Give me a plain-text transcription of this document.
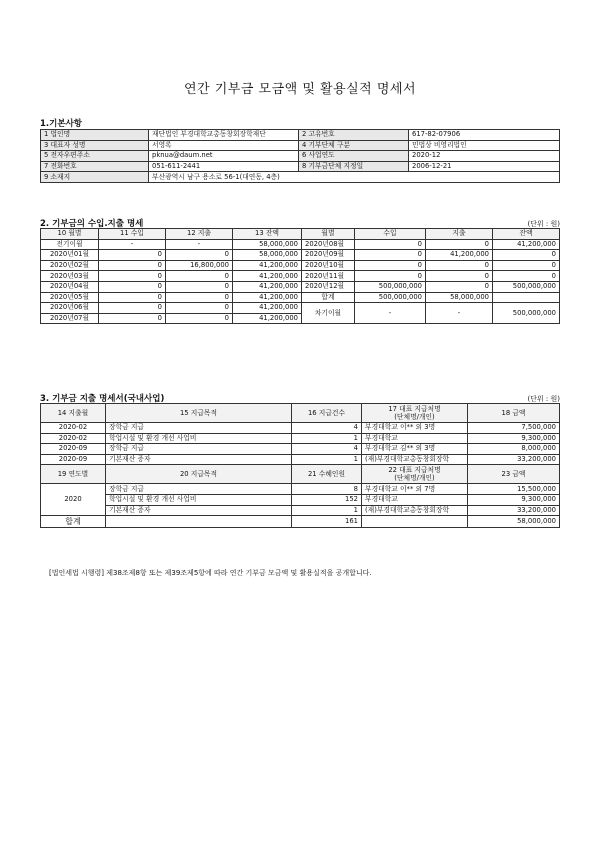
연간 기부금 모금액 및 활용실적 명세서
1.기본사항
1 법인명	재단법인 부경대학교총동창회장학재단	2 고유번호	617-82-07906
3 대표자 성명	서영록	4 기부단체 구분	민법상 비영리법인
5 전자우편주소	pknua@daum.net	6 사업연도	2020-12
7 전화번호	051-611-2441	8 기부금단체 지정일	2006-12-21
9 소재지	부산광역시 남구 용소로 56-1(대연동, 4층)		
2. 기부금의 수입.지출 명세	(단위 : 원)
10 월별	11 수입	12 지출	13 잔액	월별	수입	지출	잔액
전기이월	-	-	58,000,000	2020년08월	0	0	41,200,000
2020년01월	0	0	58,000,000	2020년09월	0	41,200,000	0
2020년02월	0	16,800,000	41,200,000	2020년10월	0	0	0
2020년03월	0	0	41,200,000	2020년11월	0	0	0
2020년04월	0	0	41,200,000	2020년12월	500,000,000	0	500,000,000
2020년05월	0	0	41,200,000	합계	500,000,000	58,000,000	
2020년06월	0	0	41,200,000	차기이월	-	-	500,000,000
2020년07월	0	0	41,200,000				
3. 기부금 지출 명세서(국내사업)	(단위 : 원)
14 지출월	15 지급목적	16 지급건수	17 대표 지급처명
(단체명/개인)	18 금액
2020-02	장학금 지급	4	부경대학교 이** 외 3명	7,500,000
2020-02	학업시설 및 환경 개선 사업비	1	부경대학교	9,300,000
2020-09	장학금 지급	4	부경대학교 김** 외 3명	8,000,000
2020-09	기본재산 증자	1	(재)부경대학교총동창회장학	33,200,000
19 연도별	20 지급목적	21 수혜인원	22 대표 지급처명
(단체명/개인)	23 금액
2020	장학금 지급	8	부경대학교 이** 외 7명	15,500,000
	학업시설 및 환경 개선 사업비	152	부경대학교	9,300,000
	기본재산 증자	1	(재)부경대학교총동창회장학	33,200,000
합계		161		58,000,000
[법인세법 시행령] 제38조제8항 또는 제39조제5항에 따라 연간 기부금 모금액 및 활용실적을 공개합니다.
